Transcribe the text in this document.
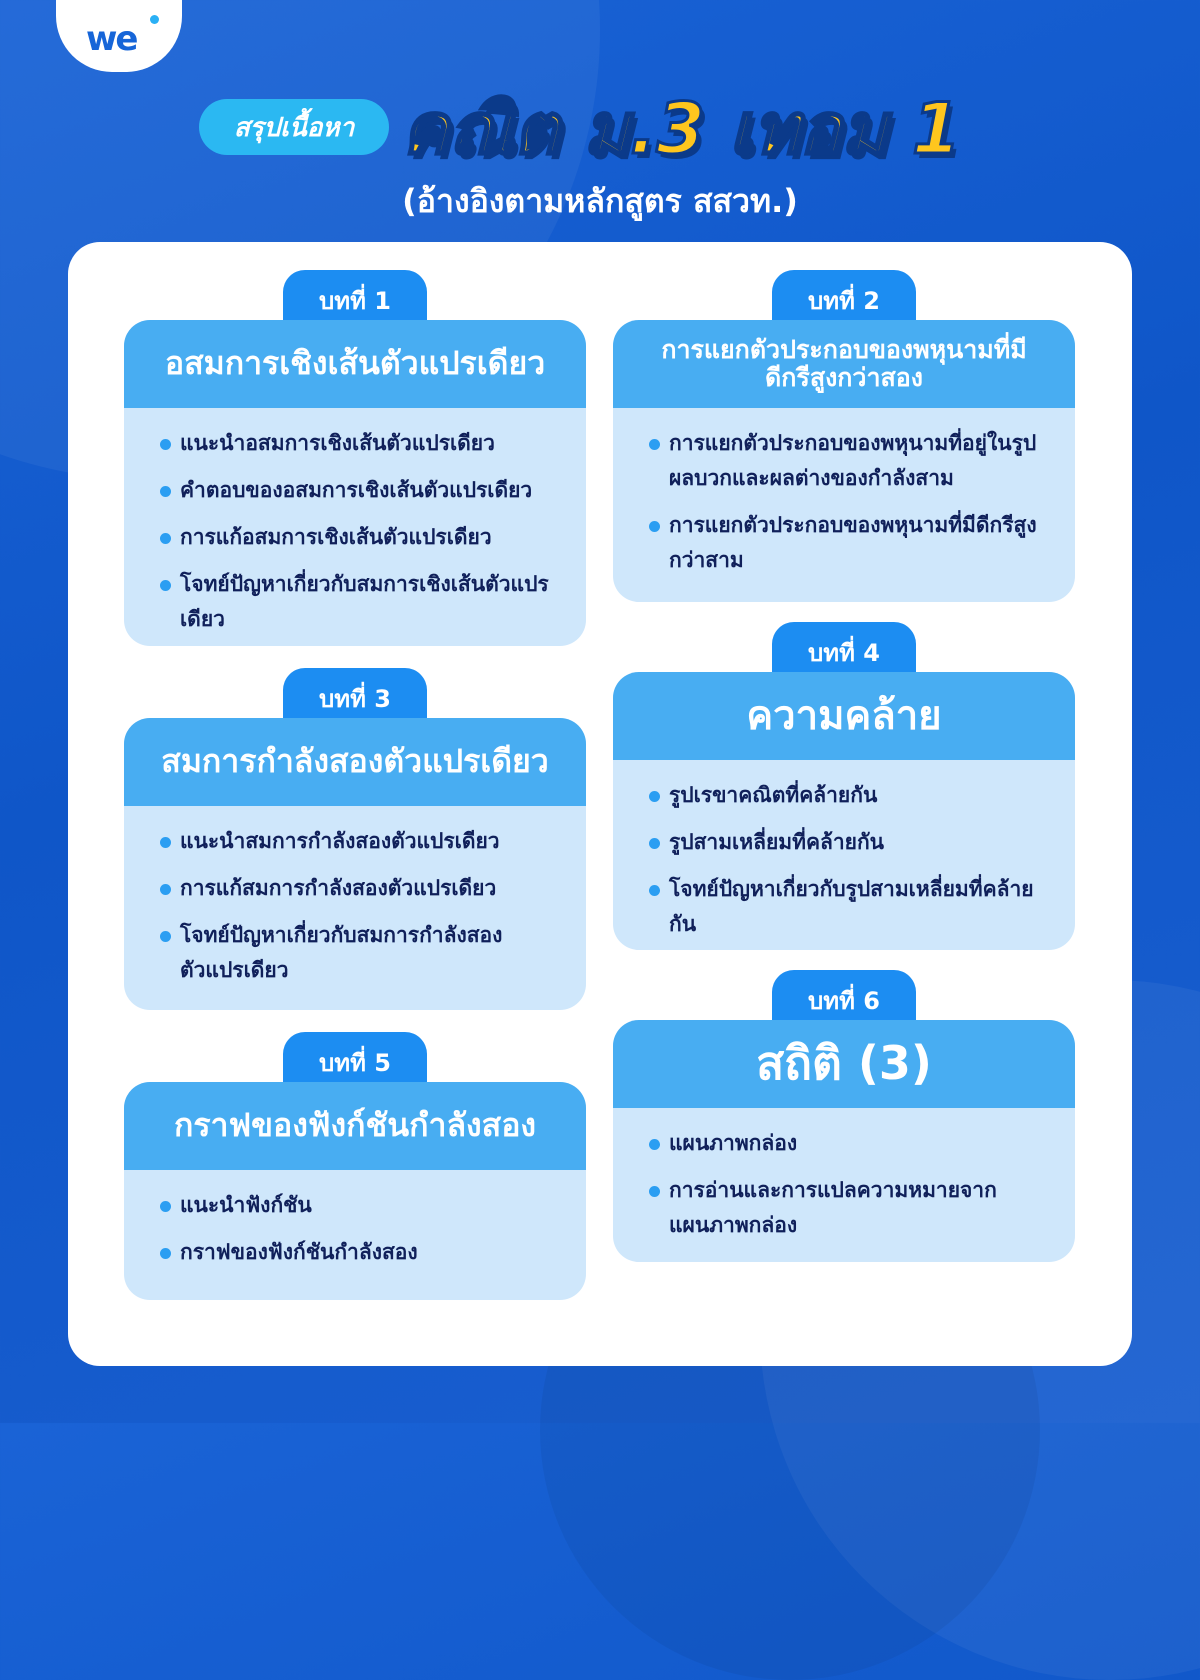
we
สรุปเนื้อหา คณิต ม.3 เทอม 1
(อ้างอิงตามหลักสูตร สสวท.)
บทที่ 1
อสมการเชิงเส้นตัวแปรเดียว
แนะนำอสมการเชิงเส้นตัวแปรเดียว
คำตอบของอสมการเชิงเส้นตัวแปรเดียว
การแก้อสมการเชิงเส้นตัวแปรเดียว
โจทย์ปัญหาเกี่ยวกับสมการเชิงเส้นตัวแปรเดียว
บทที่ 2
การแยกตัวประกอบของพหุนามที่มีดีกรีสูงกว่าสอง
การแยกตัวประกอบของพหุนามที่อยู่ในรูปผลบวกและผลต่างของกำลังสาม
การแยกตัวประกอบของพหุนามที่มีดีกรีสูงกว่าสาม
บทที่ 3
สมการกำลังสองตัวแปรเดียว
แนะนำสมการกำลังสองตัวแปรเดียว
การแก้สมการกำลังสองตัวแปรเดียว
โจทย์ปัญหาเกี่ยวกับสมการกำลังสองตัวแปรเดียว
บทที่ 4
ความคล้าย
รูปเรขาคณิตที่คล้ายกัน
รูปสามเหลี่ยมที่คล้ายกัน
โจทย์ปัญหาเกี่ยวกับรูปสามเหลี่ยมที่คล้ายกัน
บทที่ 5
กราฟของฟังก์ชันกำลังสอง
แนะนำฟังก์ชัน
กราฟของฟังก์ชันกำลังสอง
บทที่ 6
สถิติ (3)
แผนภาพกล่อง
การอ่านและการแปลความหมายจากแผนภาพกล่อง
